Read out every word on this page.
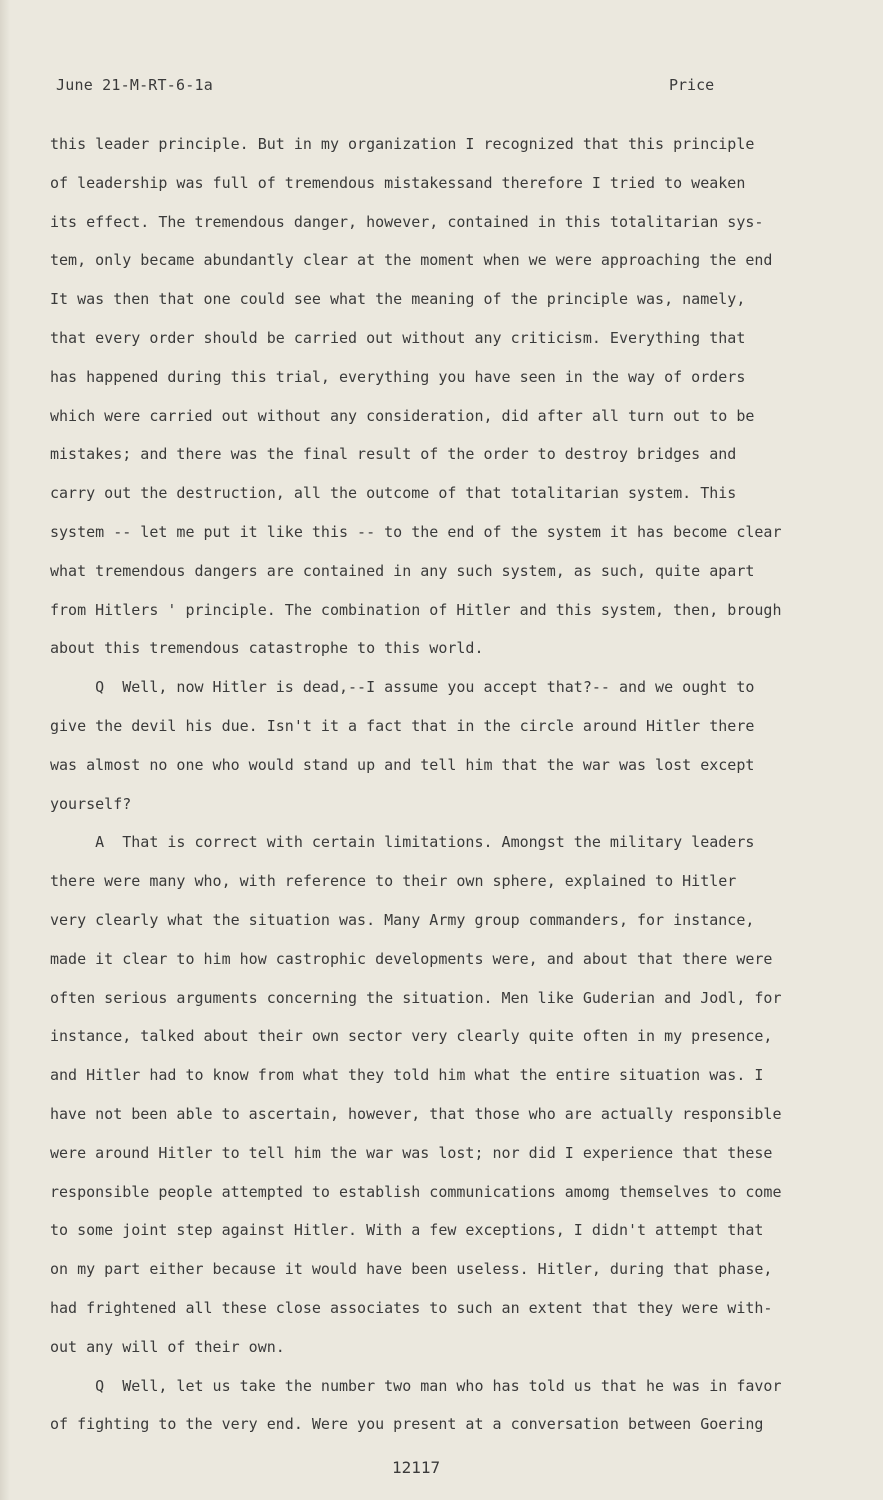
June 21-M-RT-6-1a	Price
this leader principle. But in my organization I recognized that this principle
of leadership was full of tremendous mistakessand therefore I tried to weaken
its effect. The tremendous danger, however, contained in this totalitarian sys-
tem, only became abundantly clear at the moment when we were approaching the end
It was then that one could see what the meaning of the principle was, namely,
that every order should be carried out without any criticism. Everything that
has happened during this trial, everything you have seen in the way of orders
which were carried out without any consideration, did after all turn out to be
mistakes; and there was the final result of the order to destroy bridges and
carry out the destruction, all the outcome of that totalitarian system. This
system -- let me put it like this -- to the end of the system it has become clear
what tremendous dangers are contained in any such system, as such, quite apart
from Hitlers ' principle. The combination of Hitler and this system, then, brough
about this tremendous catastrophe to this world.
Q  Well, now Hitler is dead,--I assume you accept that?-- and we ought to
give the devil his due. Isn't it a fact that in the circle around Hitler there
was almost no one who would stand up and tell him that the war was lost except
yourself?
A  That is correct with certain limitations. Amongst the military leaders
there were many who, with reference to their own sphere, explained to Hitler
very clearly what the situation was. Many Army group commanders, for instance,
made it clear to him how castrophic developments were, and about that there were
often serious arguments concerning the situation. Men like Guderian and Jodl, for
instance, talked about their own sector very clearly quite often in my presence,
and Hitler had to know from what they told him what the entire situation was. I
have not been able to ascertain, however, that those who are actually responsible
were around Hitler to tell him the war was lost; nor did I experience that these
responsible people attempted to establish communications amomg themselves to come
to some joint step against Hitler. With a few exceptions, I didn't attempt that
on my part either because it would have been useless. Hitler, during that phase,
had frightened all these close associates to such an extent that they were with-
out any will of their own.
Q  Well, let us take the number two man who has told us that he was in favor
of fighting to the very end. Were you present at a conversation between Goering
12117
